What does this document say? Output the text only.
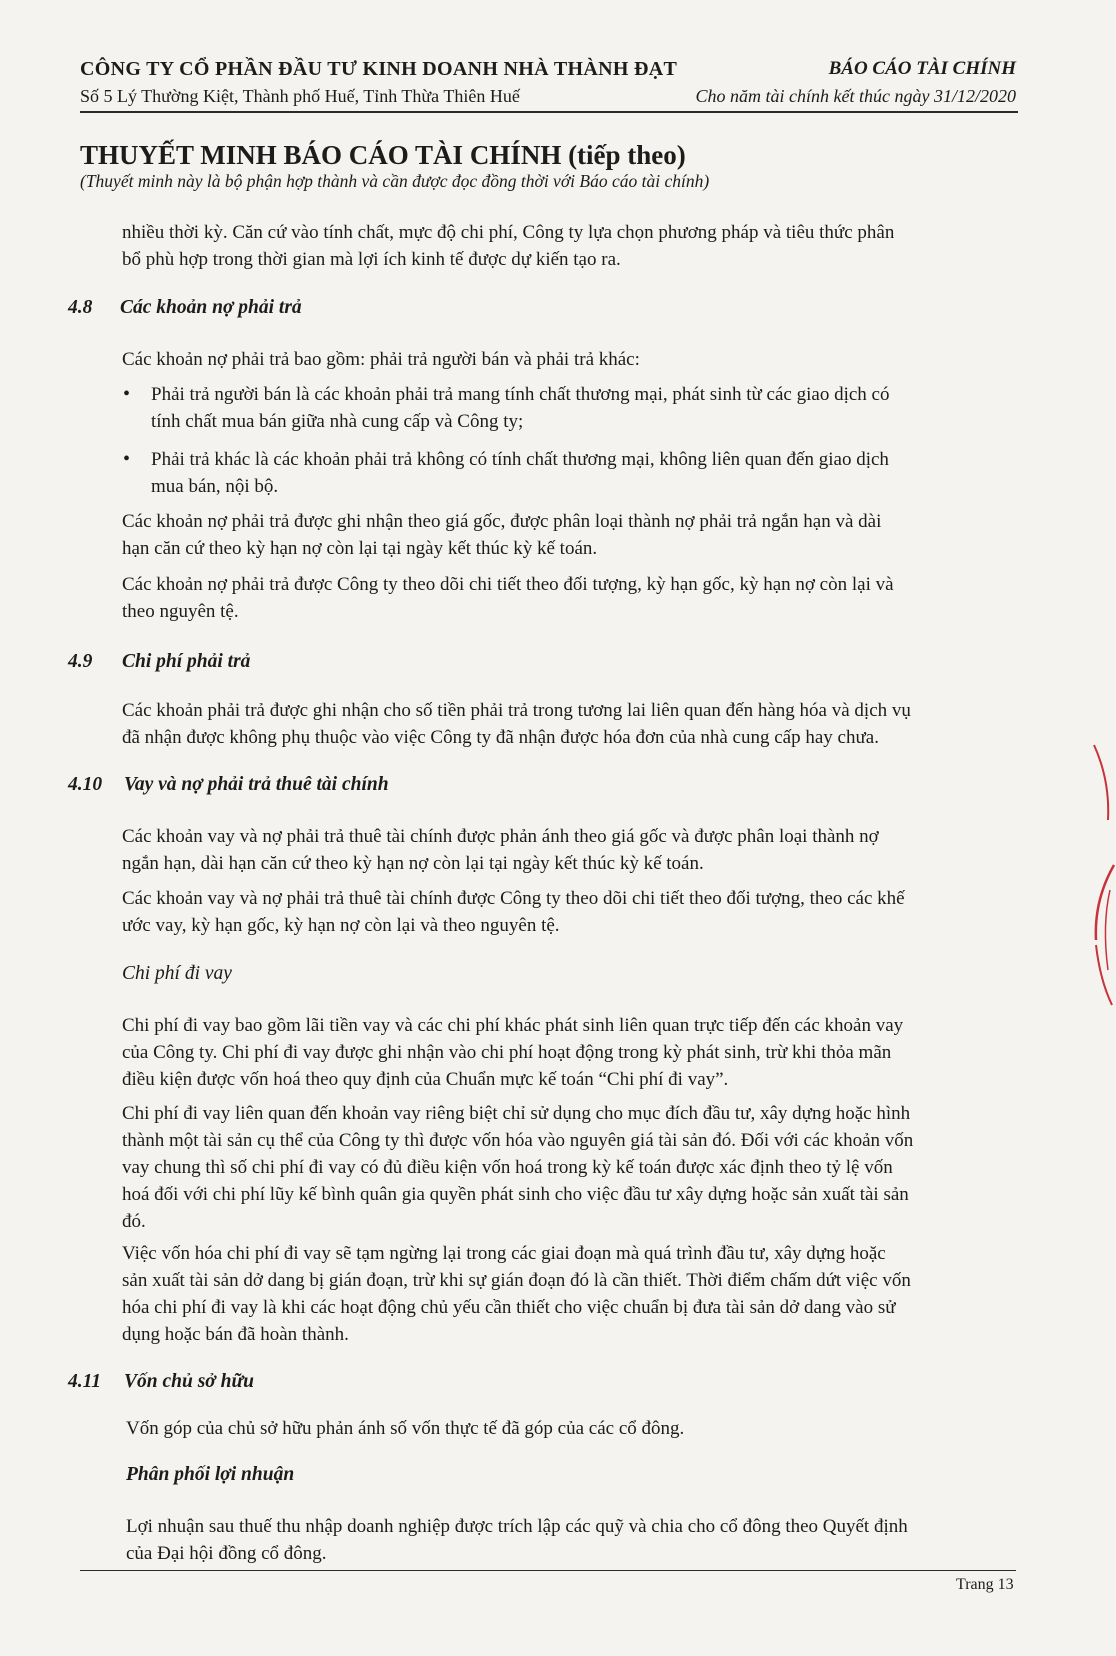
CÔNG TY CỔ PHẦN ĐẦU TƯ KINH DOANH NHÀ THÀNH ĐẠT	BÁO CÁO TÀI CHÍNH
Số 5 Lý Thường Kiệt, Thành phố Huế, Tỉnh Thừa Thiên Huế	Cho năm tài chính kết thúc ngày 31/12/2020
THUYẾT MINH BÁO CÁO TÀI CHÍNH (tiếp theo)
(Thuyết minh này là bộ phận hợp thành và cần được đọc đồng thời với Báo cáo tài chính)
nhiều thời kỳ. Căn cứ vào tính chất, mực độ chi phí, Công ty lựa chọn phương pháp và tiêu thức phân
bổ phù hợp trong thời gian mà lợi ích kinh tế được dự kiến tạo ra.
4.8 Các khoản nợ phải trả
Các khoản nợ phải trả bao gồm: phải trả người bán và phải trả khác:
• Phải trả người bán là các khoản phải trả mang tính chất thương mại, phát sinh từ các giao dịch có
tính chất mua bán giữa nhà cung cấp và Công ty;
• Phải trả khác là các khoản phải trả không có tính chất thương mại, không liên quan đến giao dịch
mua bán, nội bộ.
Các khoản nợ phải trả được ghi nhận theo giá gốc, được phân loại thành nợ phải trả ngắn hạn và dài
hạn căn cứ theo kỳ hạn nợ còn lại tại ngày kết thúc kỳ kế toán.
Các khoản nợ phải trả được Công ty theo dõi chi tiết theo đối tượng, kỳ hạn gốc, kỳ hạn nợ còn lại và
theo nguyên tệ.
4.9 Chi phí phải trả
Các khoản phải trả được ghi nhận cho số tiền phải trả trong tương lai liên quan đến hàng hóa và dịch vụ
đã nhận được không phụ thuộc vào việc Công ty đã nhận được hóa đơn của nhà cung cấp hay chưa.
4.10 Vay và nợ phải trả thuê tài chính
Các khoản vay và nợ phải trả thuê tài chính được phản ánh theo giá gốc và được phân loại thành nợ
ngắn hạn, dài hạn căn cứ theo kỳ hạn nợ còn lại tại ngày kết thúc kỳ kế toán.
Các khoản vay và nợ phải trả thuê tài chính được Công ty theo dõi chi tiết theo đối tượng, theo các khế
ước vay, kỳ hạn gốc, kỳ hạn nợ còn lại và theo nguyên tệ.
Chi phí đi vay
Chi phí đi vay bao gồm lãi tiền vay và các chi phí khác phát sinh liên quan trực tiếp đến các khoản vay
của Công ty. Chi phí đi vay được ghi nhận vào chi phí hoạt động trong kỳ phát sinh, trừ khi thỏa mãn
điều kiện được vốn hoá theo quy định của Chuẩn mực kế toán “Chi phí đi vay”.
Chi phí đi vay liên quan đến khoản vay riêng biệt chỉ sử dụng cho mục đích đầu tư, xây dựng hoặc hình
thành một tài sản cụ thể của Công ty thì được vốn hóa vào nguyên giá tài sản đó. Đối với các khoản vốn
vay chung thì số chi phí đi vay có đủ điều kiện vốn hoá trong kỳ kế toán được xác định theo tỷ lệ vốn
hoá đối với chi phí lũy kế bình quân gia quyền phát sinh cho việc đầu tư xây dựng hoặc sản xuất tài sản
đó.
Việc vốn hóa chi phí đi vay sẽ tạm ngừng lại trong các giai đoạn mà quá trình đầu tư, xây dựng hoặc
sản xuất tài sản dở dang bị gián đoạn, trừ khi sự gián đoạn đó là cần thiết. Thời điểm chấm dứt việc vốn
hóa chi phí đi vay là khi các hoạt động chủ yếu cần thiết cho việc chuẩn bị đưa tài sản dở dang vào sử
dụng hoặc bán đã hoàn thành.
4.11 Vốn chủ sở hữu
Vốn góp của chủ sở hữu phản ánh số vốn thực tế đã góp của các cổ đông.
Phân phối lợi nhuận
Lợi nhuận sau thuế thu nhập doanh nghiệp được trích lập các quỹ và chia cho cổ đông theo Quyết định
của Đại hội đồng cổ đông.
Trang 13
